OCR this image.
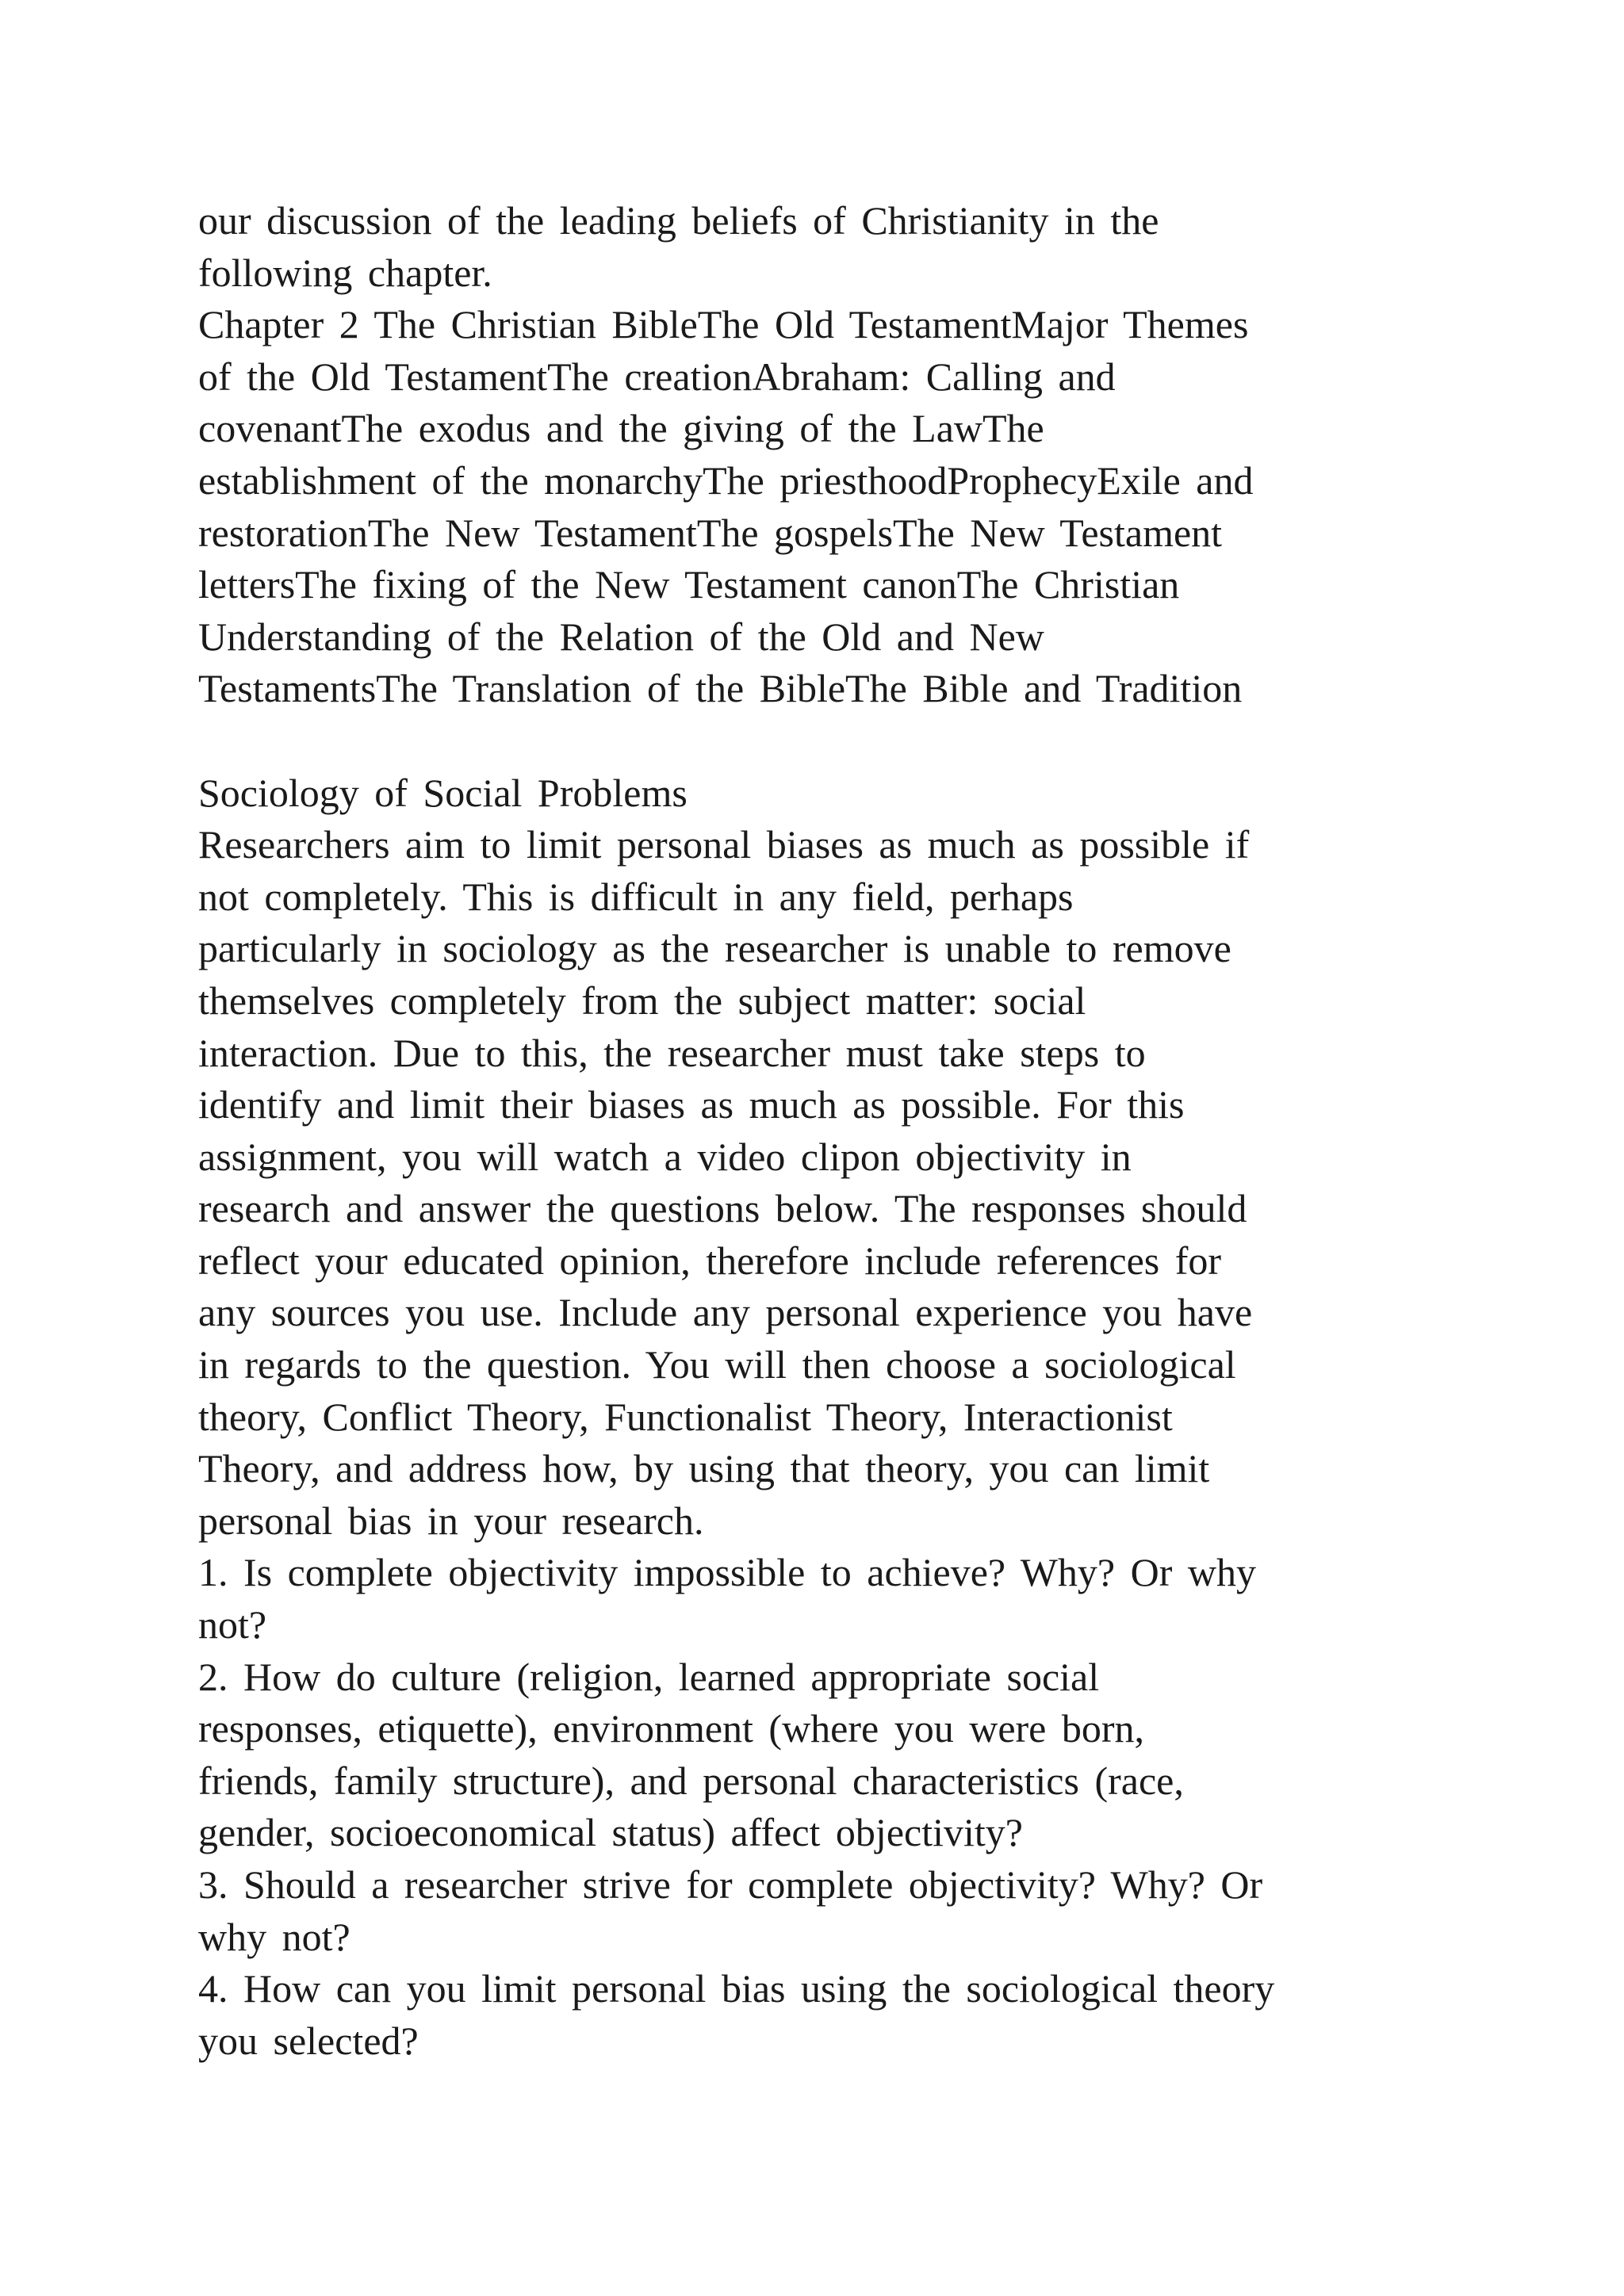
our discussion of the leading beliefs of Christianity in the
following chapter.
Chapter 2 The Christian BibleThe Old TestamentMajor Themes
of the Old TestamentThe creationAbraham: Calling and
covenantThe exodus and the giving of the LawThe
establishment of the monarchyThe priesthoodProphecyExile and
restorationThe New TestamentThe gospelsThe New Testament
lettersThe fixing of the New Testament canonThe Christian
Understanding of the Relation of the Old and New
TestamentsThe Translation of the BibleThe Bible and Tradition
Sociology of Social Problems
Researchers aim to limit personal biases as much as possible if
not completely. This is difficult in any field, perhaps
particularly in sociology as the researcher is unable to remove
themselves completely from the subject matter: social
interaction. Due to this, the researcher must take steps to
identify and limit their biases as much as possible. For this
assignment, you will watch a video clipon objectivity in
research and answer the questions below. The responses should
reflect your educated opinion, therefore include references for
any sources you use. Include any personal experience you have
in regards to the question. You will then choose a sociological
theory, Conflict Theory, Functionalist Theory, Interactionist
Theory, and address how, by using that theory, you can limit
personal bias in your research.
1. Is complete objectivity impossible to achieve? Why? Or why
not?
2. How do culture (religion, learned appropriate social
responses, etiquette), environment (where you were born,
friends, family structure), and personal characteristics (race,
gender, socioeconomical status) affect objectivity?
3. Should a researcher strive for complete objectivity? Why? Or
why not?
4. How can you limit personal bias using the sociological theory
you selected?
